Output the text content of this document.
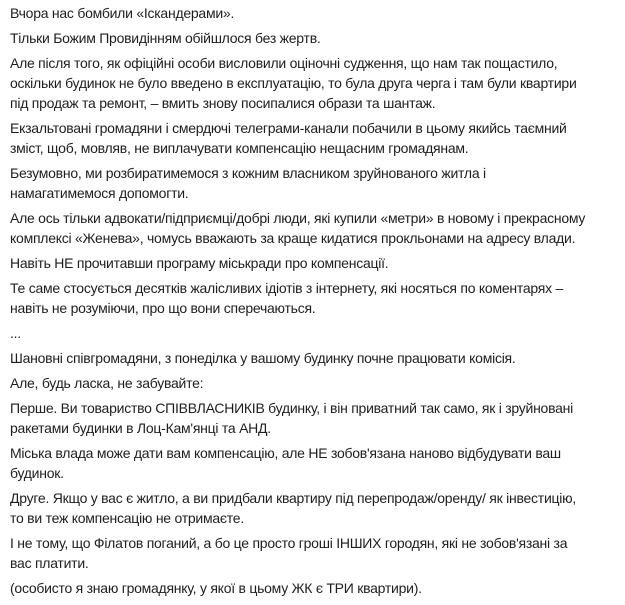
Вчора нас бомбили «Іскандерами».

Тільки Божим Провидінням обійшлося без жертв.

Але після того, як офіційні особи висловили оціночні судження, що нам так пощастило,
оскільки будинок не було введено в експлуатацію, то була друга черга і там були квартири
під продаж та ремонт, – вмить знову посипалися образи та шантаж.

Екзальтовані громадяни і смердючі телеграми-канали побачили в цьому якийсь таємний
зміст, щоб, мовляв, не виплачувати компенсацію нещасним громадянам.

Безумовно, ми розбиратимемося з кожним власником зруйнованого житла і
намагатимемося допомогти.

Але ось тільки адвокати/підприємці/добрі люди, які купили «метри» в новому і прекрасному
комплексі «Женева», чомусь вважають за краще кидатися прокльонами на адресу влади.

Навіть НЕ прочитавши програму міськради про компенсації.

Те саме стосується десятків жалісливих ідіотів з інтернету, які носяться по коментарях –
навіть не розуміючи, про що вони сперечаються.

...

Шановні співгромадяни, з понеділка у вашому будинку почне працювати комісія.

Але, будь ласка, не забувайте:

Перше. Ви товариство СПІВВЛАСНИКІВ будинку, і він приватний так само, як і зруйновані
ракетами будинки в Лоц-Кам'янці та АНД.

Міська влада може дати вам компенсацію, але НЕ зобов'язана наново відбудувати ваш
будинок.

Друге. Якщо у вас є житло, а ви придбали квартиру під перепродаж/оренду/ як інвестицію,
то ви теж компенсацію не отримаєте.

І не тому, що Філатов поганий, а бо це просто гроші ІНШИХ городян, які не зобов'язані за
вас платити.

(особисто я знаю громадянку, у якої в цьому ЖК є ТРИ квартири).
